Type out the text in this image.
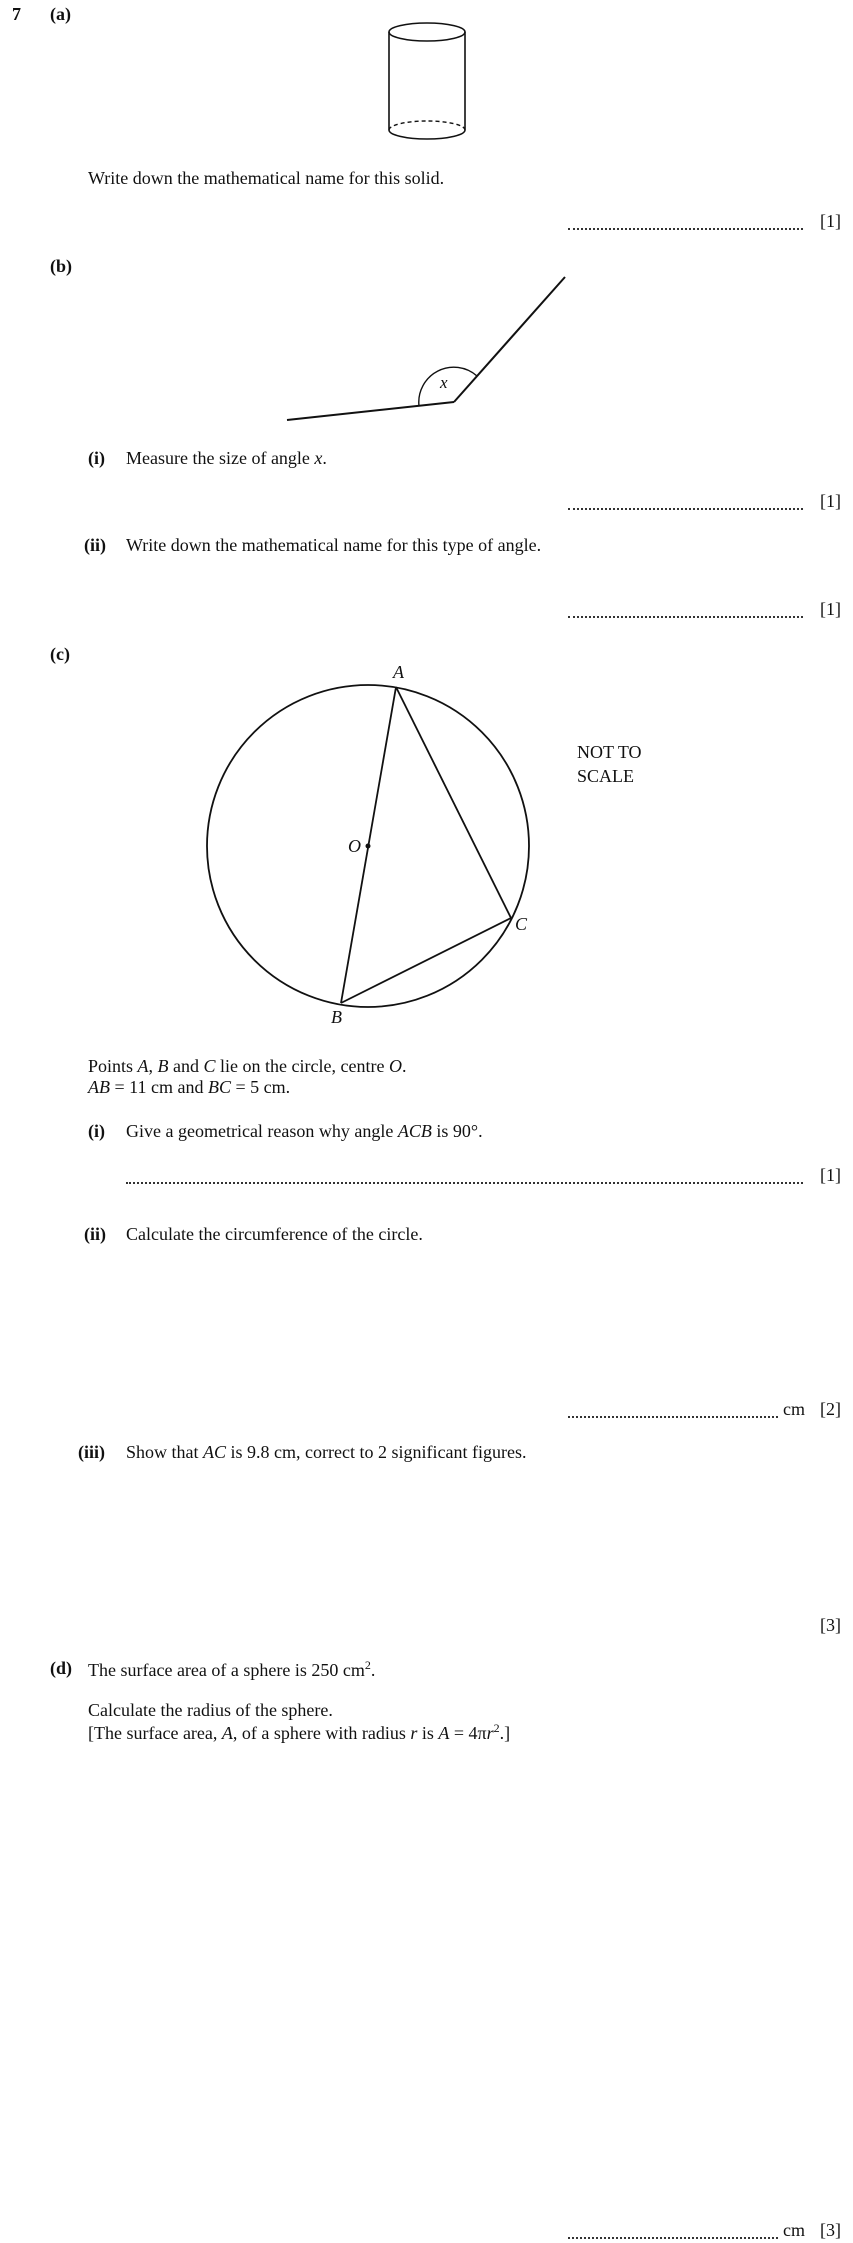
7 (a)
Write down the mathematical name for this solid.
[1]
(b)
x
(i) Measure the size of angle x.
[1]
(ii) Write down the mathematical name for this type of angle.
[1]
(c)
A
B
C
O
NOT TO
SCALE
Points A, B and C lie on the circle, centre O.
AB = 11 cm and BC = 5 cm.
(i) Give a geometrical reason why angle ACB is 90°.
[1]
(ii) Calculate the circumference of the circle.
cm [2]
(iii) Show that AC is 9.8 cm, correct to 2 significant figures.
[3]
(d) The surface area of a sphere is 250 $cm^2$.
Calculate the radius of the sphere.
[The surface area, A, of a sphere with radius r is $A = 4\pi r^2$.]
cm [3]
